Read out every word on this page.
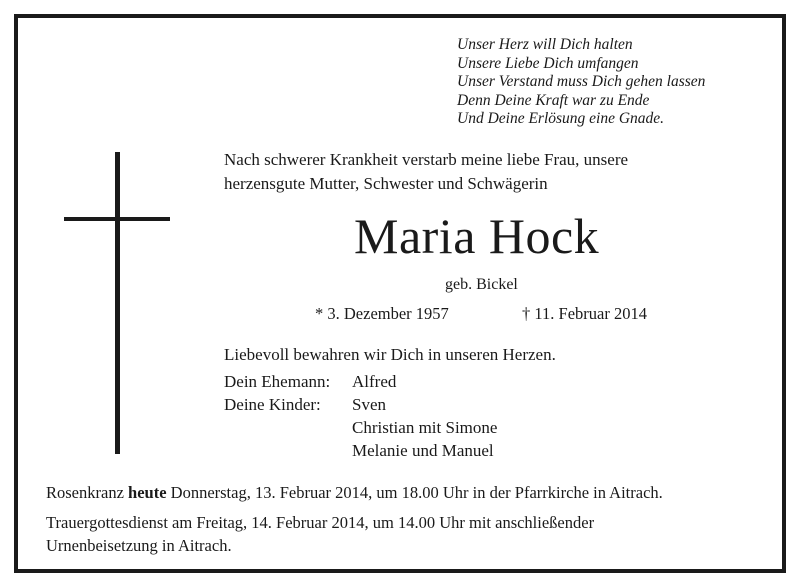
Unser Herz will Dich halten
Unsere Liebe Dich umfangen
Unser Verstand muss Dich gehen lassen
Denn Deine Kraft war zu Ende
Und Deine Erlösung eine Gnade.
Nach schwerer Krankheit verstarb meine liebe Frau, unsere
herzensgute Mutter, Schwester und Schwägerin
Maria Hock
geb. Bickel
* 3. Dezember 1957	† 11. Februar 2014
Liebevoll bewahren wir Dich in unseren Herzen.
Dein Ehemann: Alfred
Deine Kinder: Sven
Christian mit Simone
Melanie und Manuel
Rosenkranz heute Donnerstag, 13. Februar 2014, um 18.00 Uhr in der Pfarrkirche in Aitrach.
Trauergottesdienst am Freitag, 14. Februar 2014, um 14.00 Uhr mit anschließender
Urnenbeisetzung in Aitrach.
